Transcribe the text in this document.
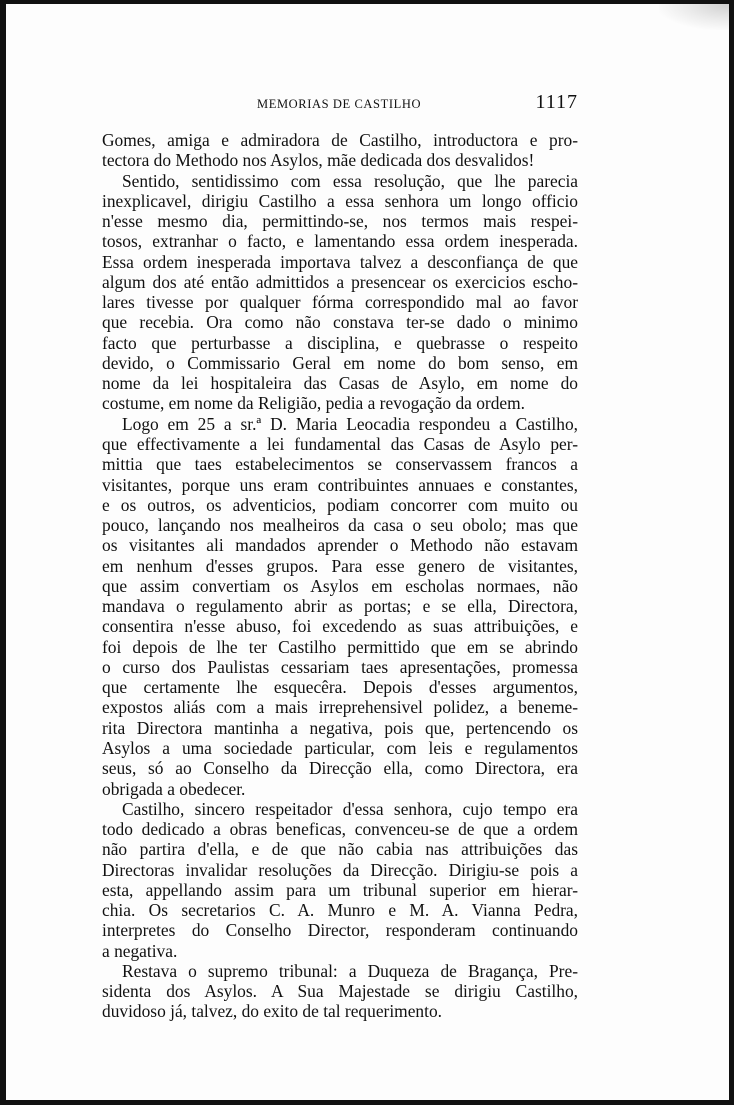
MEMORIAS DE CASTILHO	1117
Gomes, amiga e admiradora de Castilho, introductora e pro-
tectora do Methodo nos Asylos, mãe dedicada dos desvalidos!
Sentido, sentidissimo com essa resolução, que lhe parecia
inexplicavel, dirigiu Castilho a essa senhora um longo officio
n'esse mesmo dia, permittindo-se, nos termos mais respei-
tosos, extranhar o facto, e lamentando essa ordem inesperada.
Essa ordem inesperada importava talvez a desconfiança de que
algum dos até então admittidos a presencear os exercicios escho-
lares tivesse por qualquer fórma correspondido mal ao favor
que recebia. Ora como não constava ter-se dado o minimo
facto que perturbasse a disciplina, e quebrasse o respeito
devido, o Commissario Geral em nome do bom senso, em
nome da lei hospitaleira das Casas de Asylo, em nome do
costume, em nome da Religião, pedia a revogação da ordem.
Logo em 25 a sr.ª D. Maria Leocadia respondeu a Castilho,
que effectivamente a lei fundamental das Casas de Asylo per-
mittia que taes estabelecimentos se conservassem francos a
visitantes, porque uns eram contribuintes annuaes e constantes,
e os outros, os adventicios, podiam concorrer com muito ou
pouco, lançando nos mealheiros da casa o seu obolo; mas que
os visitantes ali mandados aprender o Methodo não estavam
em nenhum d'esses grupos. Para esse genero de visitantes,
que assim convertiam os Asylos em escholas normaes, não
mandava o regulamento abrir as portas; e se ella, Directora,
consentira n'esse abuso, foi excedendo as suas attribuições, e
foi depois de lhe ter Castilho permittido que em se abrindo
o curso dos Paulistas cessariam taes apresentações, promessa
que certamente lhe esquecêra. Depois d'esses argumentos,
expostos aliás com a mais irreprehensivel polidez, a beneme-
rita Directora mantinha a negativa, pois que, pertencendo os
Asylos a uma sociedade particular, com leis e regulamentos
seus, só ao Conselho da Direcção ella, como Directora, era
obrigada a obedecer.
Castilho, sincero respeitador d'essa senhora, cujo tempo era
todo dedicado a obras beneficas, convenceu-se de que a ordem
não partira d'ella, e de que não cabia nas attribuições das
Directoras invalidar resoluções da Direcção. Dirigiu-se pois a
esta, appellando assim para um tribunal superior em hierar-
chia. Os secretarios C. A. Munro e M. A. Vianna Pedra,
interpretes do Conselho Director, responderam continuando
a negativa.
Restava o supremo tribunal: a Duqueza de Bragança, Pre-
sidenta dos Asylos. A Sua Majestade se dirigiu Castilho,
duvidoso já, talvez, do exito de tal requerimento.
